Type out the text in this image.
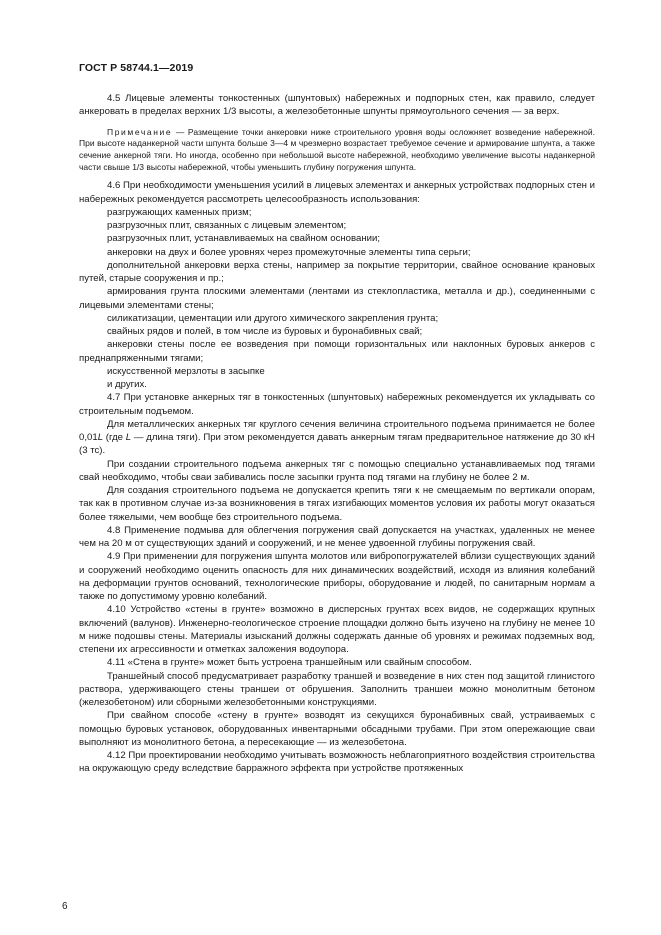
ГОСТ Р 58744.1—2019

4.5 Лицевые элементы тонкостенных (шпунтовых) набережных и подпорных стен, как правило, следует анкеровать в пределах верхних 1/3 высоты, а железобетонные шпунты прямоугольного сечения — за верх.

Примечание — Размещение точки анкеровки ниже строительного уровня воды осложняет возведение набережной. При высоте наданкерной части шпунта больше 3—4 м чрезмерно возрастает требуемое сечение и армирование шпунта, а также сечение анкерной тяги. Но иногда, особенно при небольшой высоте набережной, необходимо увеличение высоты наданкерной части свыше 1/3 высоты набережной, чтобы уменьшить глубину погружения шпунта.

4.6 При необходимости уменьшения усилий в лицевых элементах и анкерных устройствах подпорных стен и набережных рекомендуется рассмотреть целесообразность использования:

разгружающих каменных призм;

разгрузочных плит, связанных с лицевым элементом;

разгрузочных плит, устанавливаемых на свайном основании;

анкеровки на двух и более уровнях через промежуточные элементы типа серьги;

дополнительной анкеровки верха стены, например за покрытие территории, свайное основание крановых путей, старые сооружения и пр.;

армирования грунта плоскими элементами (лентами из стеклопластика, металла и др.), соединенными с лицевыми элементами стены;

силикатизации, цементации или другого химического закрепления грунта;

свайных рядов и полей, в том числе из буровых и буронабивных свай;

анкеровки стены после ее возведения при помощи горизонтальных или наклонных буровых анкеров с преднапряженными тягами;

искусственной мерзлоты в засыпке

и других.

4.7 При установке анкерных тяг в тонкостенных (шпунтовых) набережных рекомендуется их укладывать со строительным подъемом.

Для металлических анкерных тяг круглого сечения величина строительного подъема принимается не более 0,01L (где L — длина тяги). При этом рекомендуется давать анкерным тягам предварительное натяжение до 30 кН (3 тс).

При создании строительного подъема анкерных тяг с помощью специально устанавливаемых под тягами свай необходимо, чтобы сваи забивались после засыпки грунта под тягами на глубину не более 2 м.

Для создания строительного подъема не допускается крепить тяги к не смещаемым по вертикали опорам, так как в противном случае из-за возникновения в тягах изгибающих моментов условия их работы могут оказаться более тяжелыми, чем вообще без строительного подъема.

4.8 Применение подмыва для облегчения погружения свай допускается на участках, удаленных не менее чем на 20 м от существующих зданий и сооружений, и не менее удвоенной глубины погружения свай.

4.9 При применении для погружения шпунта молотов или вибропогружателей вблизи существующих зданий и сооружений необходимо оценить опасность для них динамических воздействий, исходя из влияния колебаний на деформации грунтов оснований, технологические приборы, оборудование и людей, по санитарным нормам а также по допустимому уровню колебаний.

4.10 Устройство «стены в грунте» возможно в дисперсных грунтах всех видов, не содержащих крупных включений (валунов). Инженерно-геологическое строение площадки должно быть изучено на глубину не менее 10 м ниже подошвы стены. Материалы изысканий должны содержать данные об уровнях и режимах подземных вод, степени их агрессивности и отметках заложения водоупора.

4.11 «Стена в грунте» может быть устроена траншейным или свайным способом.

Траншейный способ предусматривает разработку траншей и возведение в них стен под защитой глинистого раствора, удерживающего стены траншеи от обрушения. Заполнить траншеи можно монолитным бетоном (железобетоном) или сборными железобетонными конструкциями.

При свайном способе «стену в грунте» возводят из секущихся буронабивных свай, устраиваемых с помощью буровых установок, оборудованных инвентарными обсадными трубами. При этом опережающие сваи выполняют из монолитного бетона, а пересекающие — из железобетона.

4.12 При проектировании необходимо учитывать возможность неблагоприятного воздействия строительства на окружающую среду вследствие барражного эффекта при устройстве протяженных

6
